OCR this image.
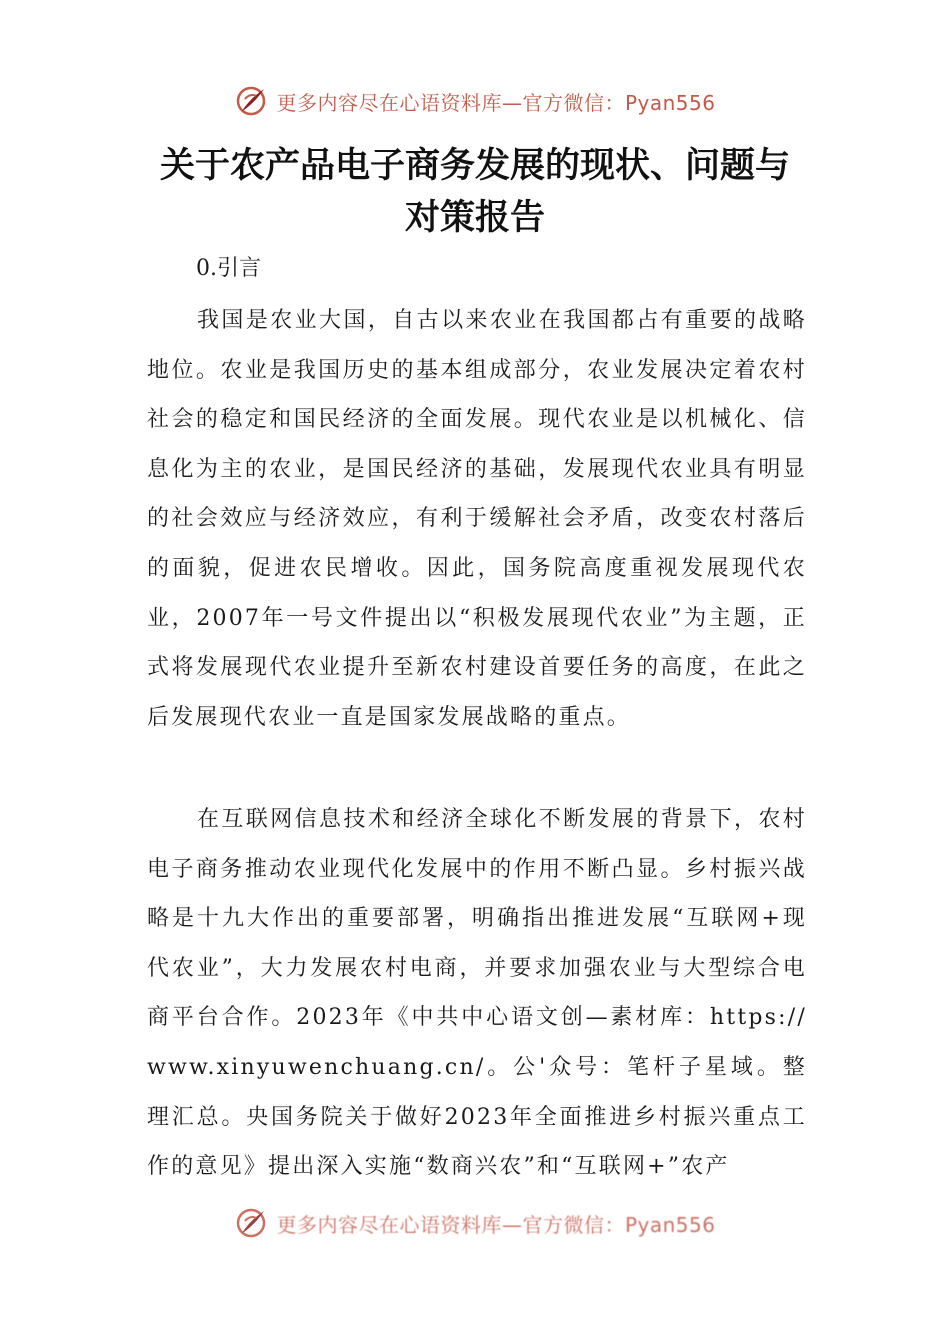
更多内容尽在心语资料库—官方微信：Pyan556
关于农产品电子商务发展的现状、问题与
对策报告
0.引言

我国是农业大国，自古以来农业在我国都占有重要的战略地位。农业是我国历史的基本组成部分，农业发展决定着农村社会的稳定和国民经济的全面发展。现代农业是以机械化、信息化为主的农业，是国民经济的基础，发展现代农业具有明显的社会效应与经济效应，有利于缓解社会矛盾，改变农村落后的面貌，促进农民增收。因此，国务院高度重视发展现代农业，2007年一号文件提出以“积极发展现代农业”为主题，正式将发展现代农业提升至新农村建设首要任务的高度，在此之后发展现代农业一直是国家发展战略的重点。

在互联网信息技术和经济全球化不断发展的背景下，农村电子商务推动农业现代化发展中的作用不断凸显。乡村振兴战略是十九大作出的重要部署，明确指出推进发展“互联网+现代农业”，大力发展农村电商，并要求加强农业与大型综合电商平台合作。2023年《中共中心语文创—素材库：https://www.xinyuwenchuang.cn/。公'众号：笔杆子星域。整理汇总。央国务院关于做好2023年全面推进乡村振兴重点工作的意见》提出深入实施“数商兴农”和“互联网+”农产

更多内容尽在心语资料库—官方微信：Pyan556
